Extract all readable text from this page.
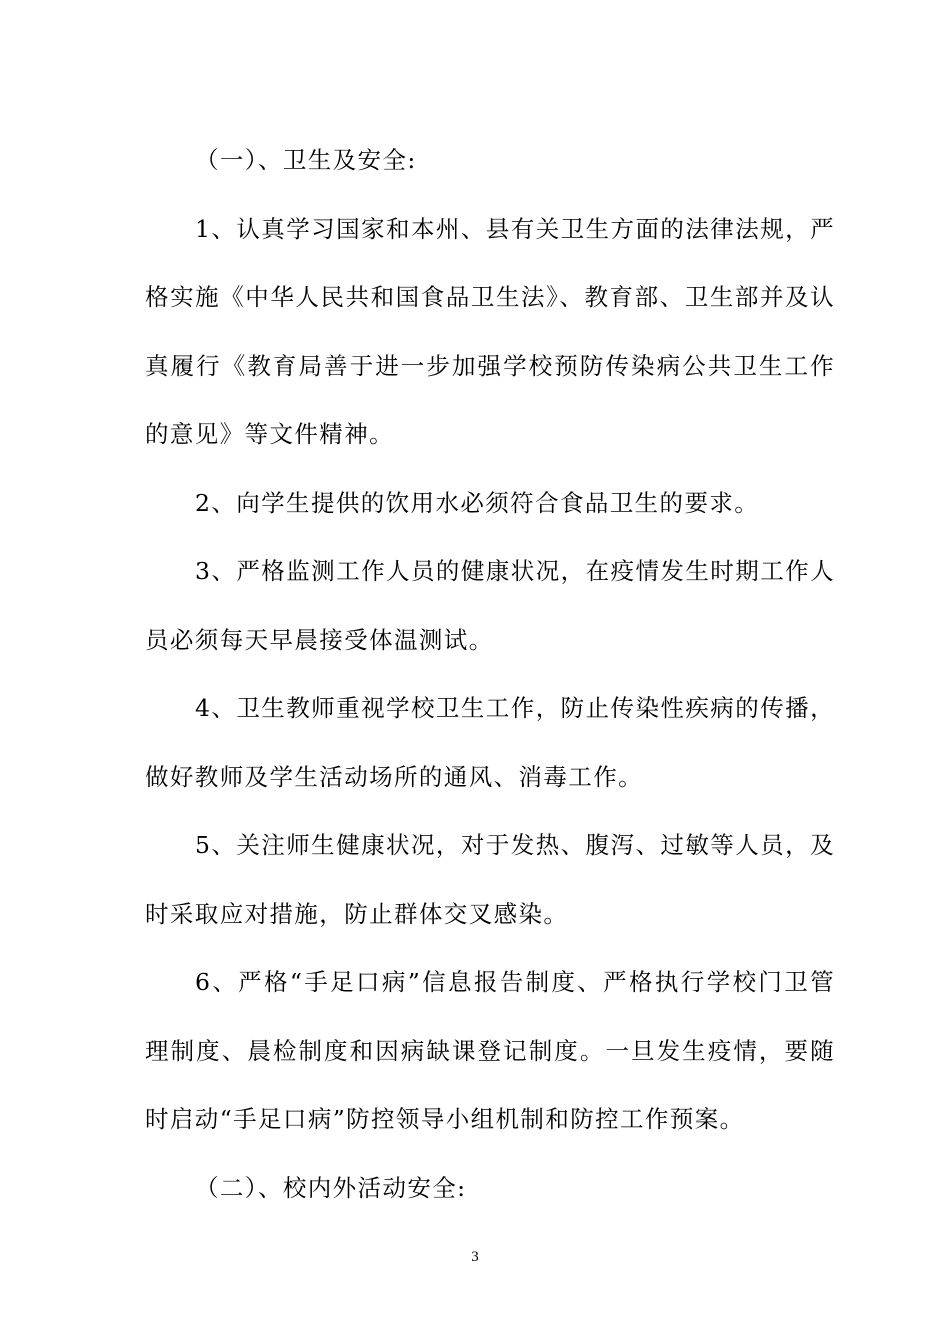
（一）、卫生及安全:

1、认真学习国家和本州、县有关卫生方面的法律法规，严格实施《中华人民共和国食品卫生法》、教育部、卫生部并及认真履行《教育局善于进一步加强学校预防传染病公共卫生工作的意见》等文件精神。

2、向学生提供的饮用水必须符合食品卫生的要求。

3、严格监测工作人员的健康状况，在疫情发生时期工作人员必须每天早晨接受体温测试。

4、卫生教师重视学校卫生工作，防止传染性疾病的传播，做好教师及学生活动场所的通风、消毒工作。

5、关注师生健康状况，对于发热、腹泻、过敏等人员，及时采取应对措施，防止群体交叉感染。

6、严格“手足口病”信息报告制度、严格执行学校门卫管理制度、晨检制度和因病缺课登记制度。一旦发生疫情，要随时启动“手足口病”防控领导小组机制和防控工作预案。

（二）、校内外活动安全:

3
